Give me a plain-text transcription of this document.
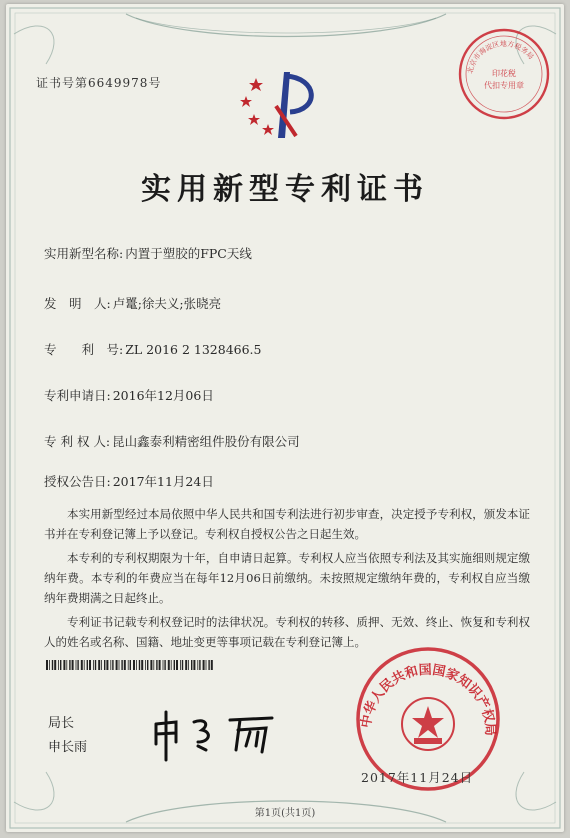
证书号第6649978号
北京市海淀区地方税务局
印花税
代扣专用章
实用新型专利证书
实用新型名称: 内置于塑胶的FPC天线
发　明　人: 卢鼍;徐夫义;张晓亮
专　　利　号: ZL 2016 2 1328466.5
专利申请日: 2016年12月06日
专 利 权 人: 昆山鑫泰利精密组件股份有限公司
授权公告日: 2017年11月24日

本实用新型经过本局依照中华人民共和国专利法进行初步审查，决定授予专利权，颁发本证书并在专利登记簿上予以登记。专利权自授权公告之日起生效。

本专利的专利权期限为十年，自申请日起算。专利权人应当依照专利法及其实施细则规定缴纳年费。本专利的年费应当在每年12月06日前缴纳。未按照规定缴纳年费的，专利权自应当缴纳年费期满之日起终止。

专利证书记载专利权登记时的法律状况。专利权的转移、质押、无效、终止、恢复和专利权人的姓名或名称、国籍、地址变更等事项记载在专利登记簿上。

局长
申长雨
中华人民共和国国家知识产权局
2017年11月24日
第1页(共1页)
